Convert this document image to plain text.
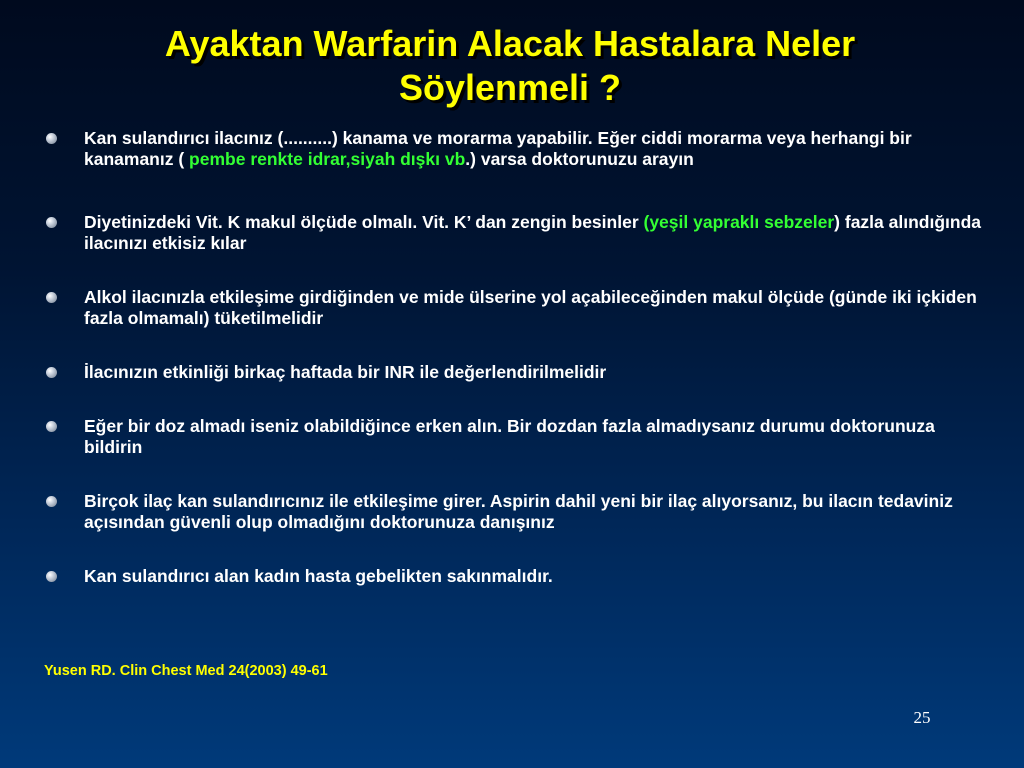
Ayaktan Warfarin Alacak Hastalara Neler
Söylenmeli ?
Kan sulandırıcı ilacınız (..........) kanama ve morarma yapabilir. Eğer ciddi morarma veya herhangi bir kanamanız ( pembe renkte idrar,siyah dışkı vb.) varsa doktorunuzu arayın
Diyetinizdeki Vit. K makul ölçüde olmalı. Vit. K’ dan zengin besinler (yeşil yapraklı sebzeler) fazla alındığında ilacınızı etkisiz kılar
Alkol ilacınızla etkileşime girdiğinden ve mide ülserine yol açabileceğinden makul ölçüde (günde iki içkiden fazla olmamalı) tüketilmelidir
İlacınızın etkinliği birkaç haftada bir INR ile değerlendirilmelidir
Eğer bir doz almadı iseniz olabildiğince erken alın. Bir dozdan fazla almadıysanız durumu doktorunuza bildirin
Birçok ilaç kan sulandırıcınız ile etkileşime girer. Aspirin dahil yeni bir ilaç alıyorsanız, bu ilacın tedaviniz açısından güvenli olup olmadığını doktorunuza danışınız
Kan sulandırıcı alan kadın hasta gebelikten sakınmalıdır.
Yusen RD. Clin Chest Med 24(2003) 49-61
25
